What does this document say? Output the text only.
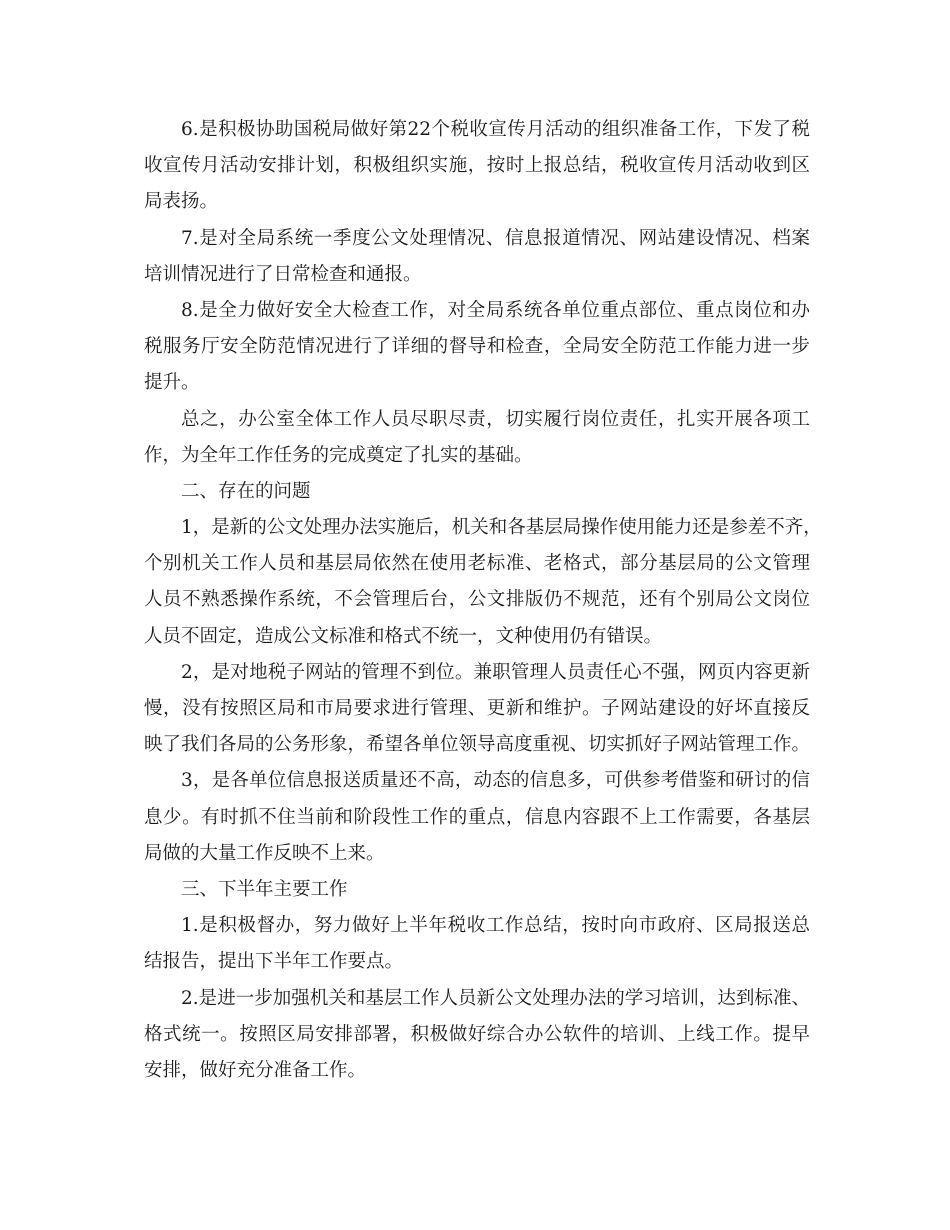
6.是积极协助国税局做好第22个税收宣传月活动的组织准备工作，下发了税
收宣传月活动安排计划，积极组织实施，按时上报总结，税收宣传月活动收到区
局表扬。
7.是对全局系统一季度公文处理情况、信息报道情况、网站建设情况、档案
培训情况进行了日常检查和通报。
8.是全力做好安全大检查工作，对全局系统各单位重点部位、重点岗位和办
税服务厅安全防范情况进行了详细的督导和检查，全局安全防范工作能力进一步
提升。
总之，办公室全体工作人员尽职尽责，切实履行岗位责任，扎实开展各项工
作，为全年工作任务的完成奠定了扎实的基础。
二、存在的问题
1，是新的公文处理办法实施后，机关和各基层局操作使用能力还是参差不齐，
个别机关工作人员和基层局依然在使用老标准、老格式，部分基层局的公文管理
人员不熟悉操作系统，不会管理后台，公文排版仍不规范，还有个别局公文岗位
人员不固定，造成公文标准和格式不统一，文种使用仍有错误。
2，是对地税子网站的管理不到位。兼职管理人员责任心不强，网页内容更新
慢，没有按照区局和市局要求进行管理、更新和维护。子网站建设的好坏直接反
映了我们各局的公务形象，希望各单位领导高度重视、切实抓好子网站管理工作。
3，是各单位信息报送质量还不高，动态的信息多，可供参考借鉴和研讨的信
息少。有时抓不住当前和阶段性工作的重点，信息内容跟不上工作需要，各基层
局做的大量工作反映不上来。
三、下半年主要工作
1.是积极督办，努力做好上半年税收工作总结，按时向市政府、区局报送总
结报告，提出下半年工作要点。
2.是进一步加强机关和基层工作人员新公文处理办法的学习培训，达到标准、
格式统一。按照区局安排部署，积极做好综合办公软件的培训、上线工作。提早
安排，做好充分准备工作。
